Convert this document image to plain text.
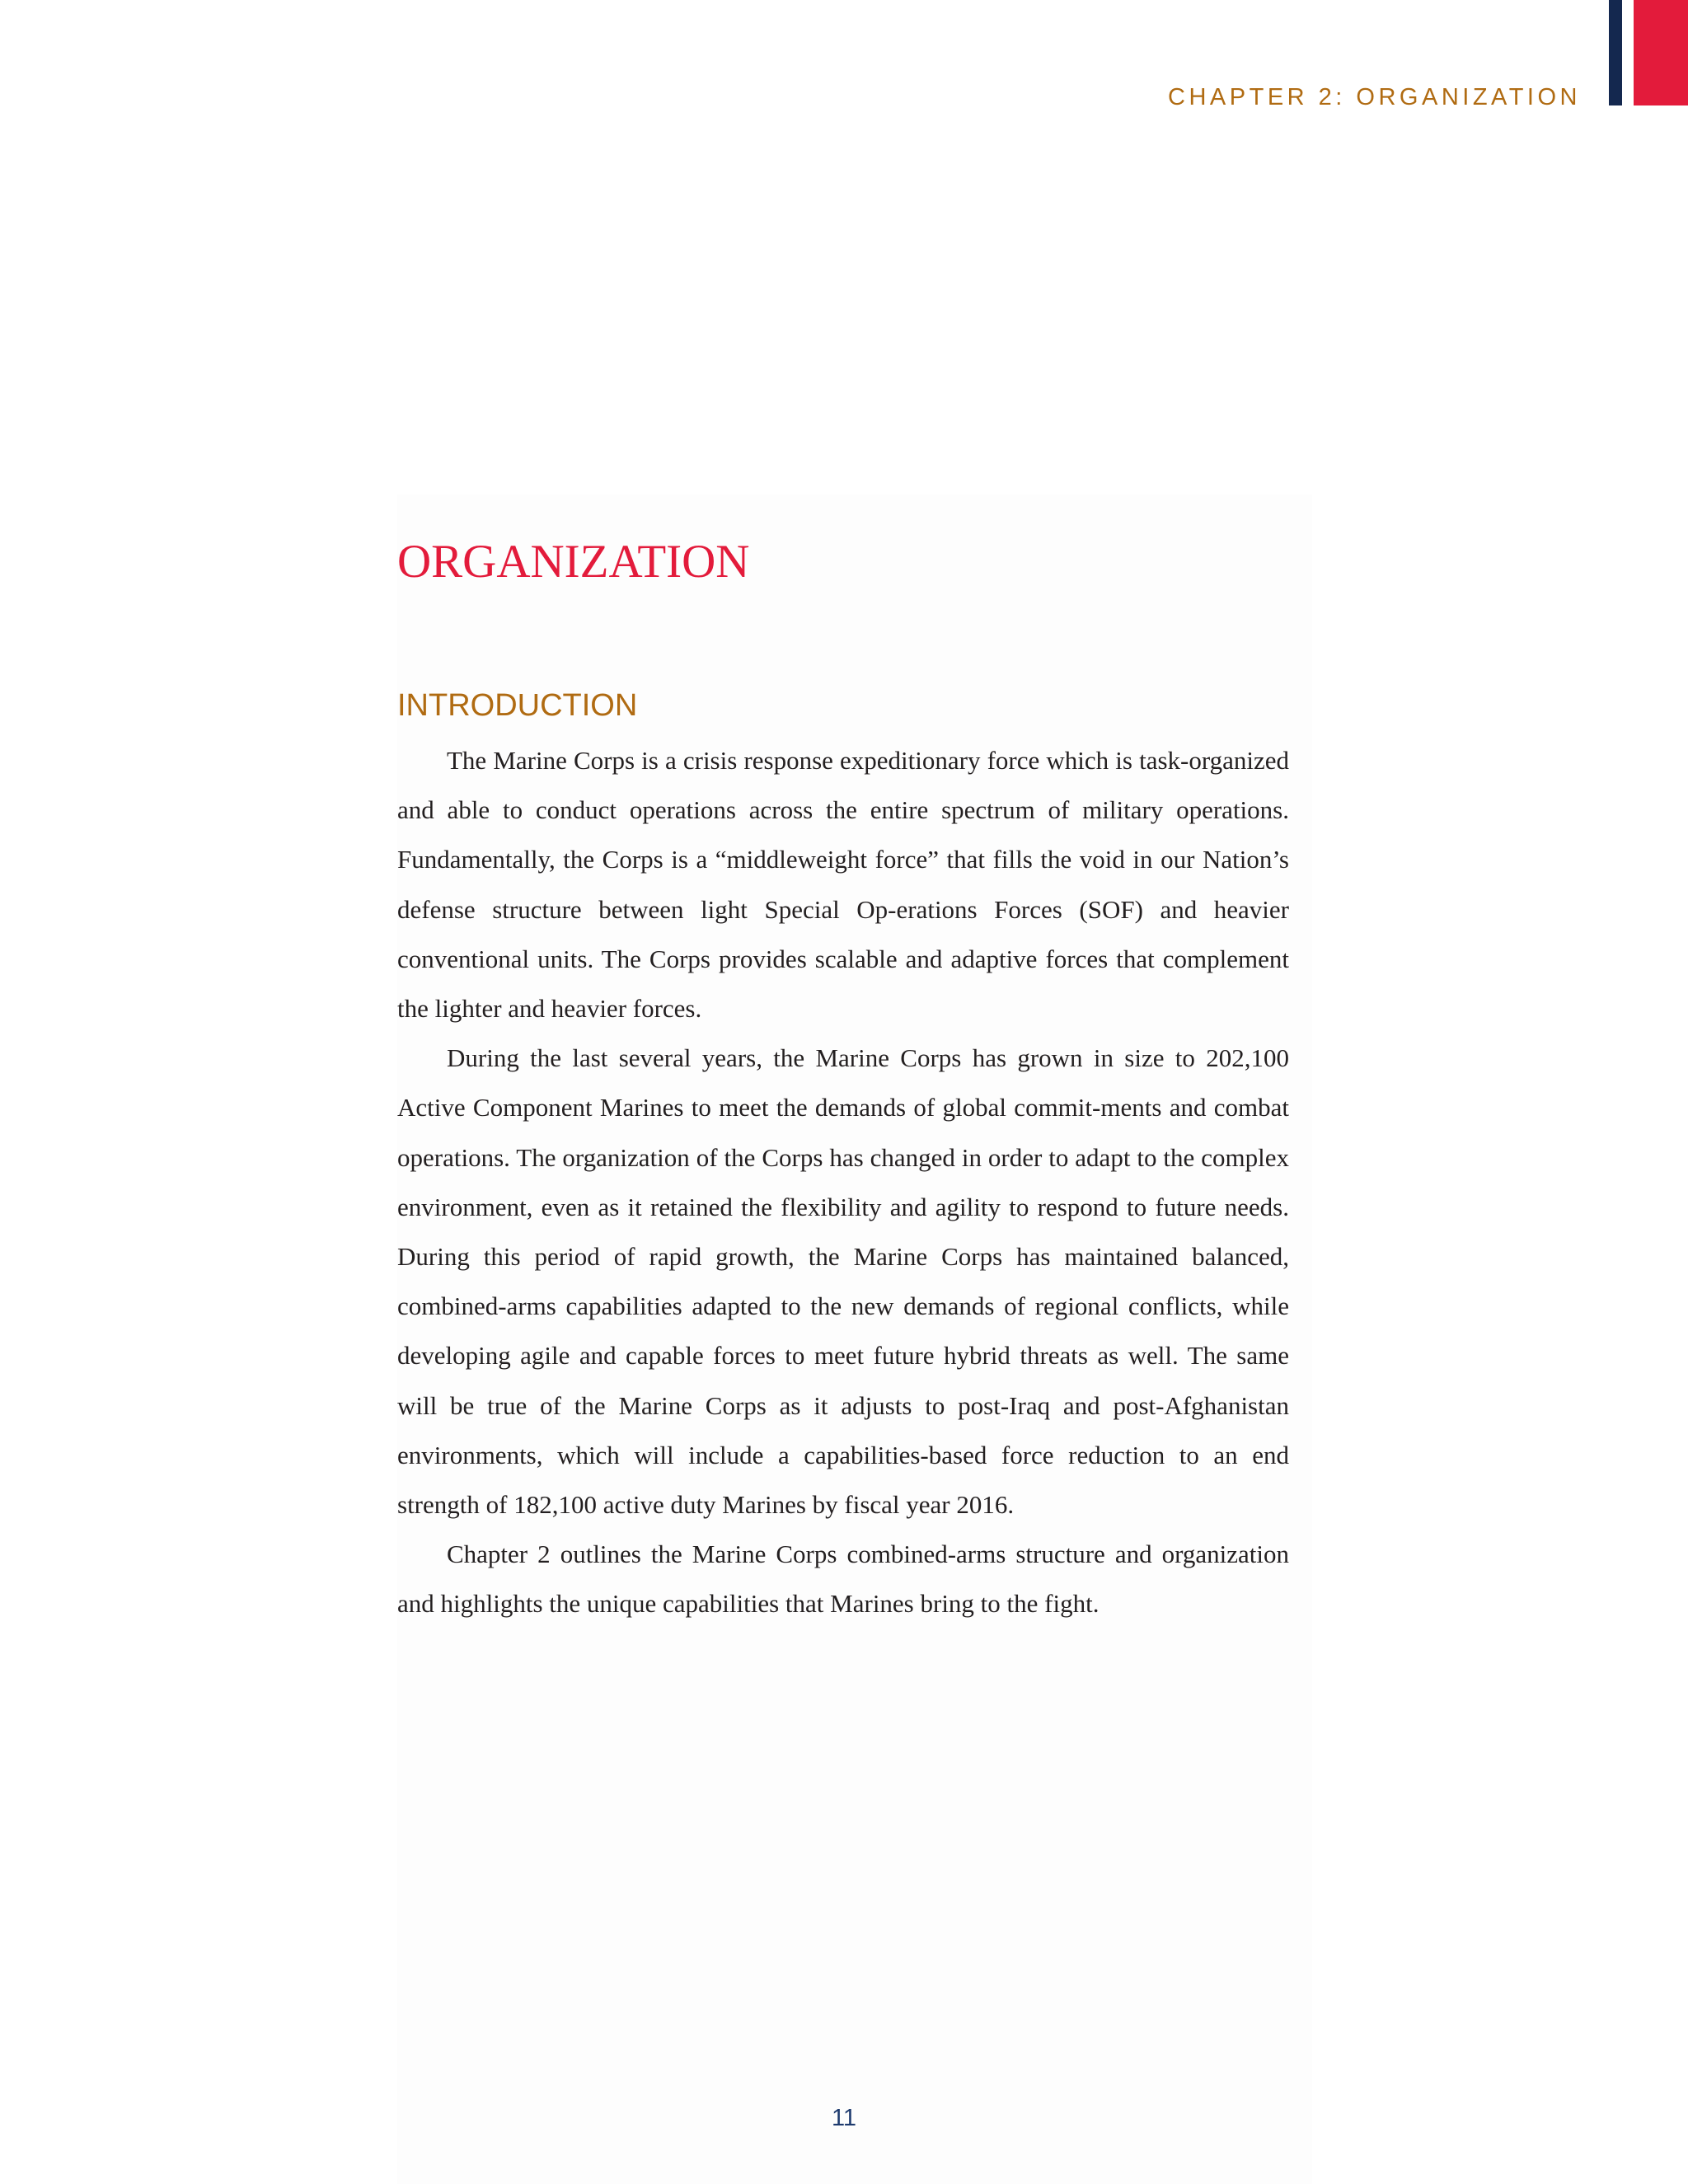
CHAPTER 2: ORGANIZATION
ORGANIZATION
INTRODUCTION

The Marine Corps is a crisis response expeditionary force which is task-organized and able to conduct operations across the entire spectrum of military operations. Fundamentally, the Corps is a “middleweight force” that fills the void in our Nation’s defense structure between light Special Op-erations Forces (SOF) and heavier conventional units. The Corps provides scalable and adaptive forces that complement the lighter and heavier forces.

During the last several years, the Marine Corps has grown in size to 202,100 Active Component Marines to meet the demands of global commit-ments and combat operations. The organization of the Corps has changed in order to adapt to the complex environment, even as it retained the flexibility and agility to respond to future needs. During this period of rapid growth, the Marine Corps has maintained balanced, combined-arms capabilities adapted to the new demands of regional conflicts, while developing agile and capable forces to meet future hybrid threats as well. The same will be true of the Marine Corps as it adjusts to post-Iraq and post-Afghanistan environments, which will include a capabilities-based force reduction to an end strength of 182,100 active duty Marines by fiscal year 2016.

Chapter 2 outlines the Marine Corps combined-arms structure and organization and highlights the unique capabilities that Marines bring to the fight.

11
